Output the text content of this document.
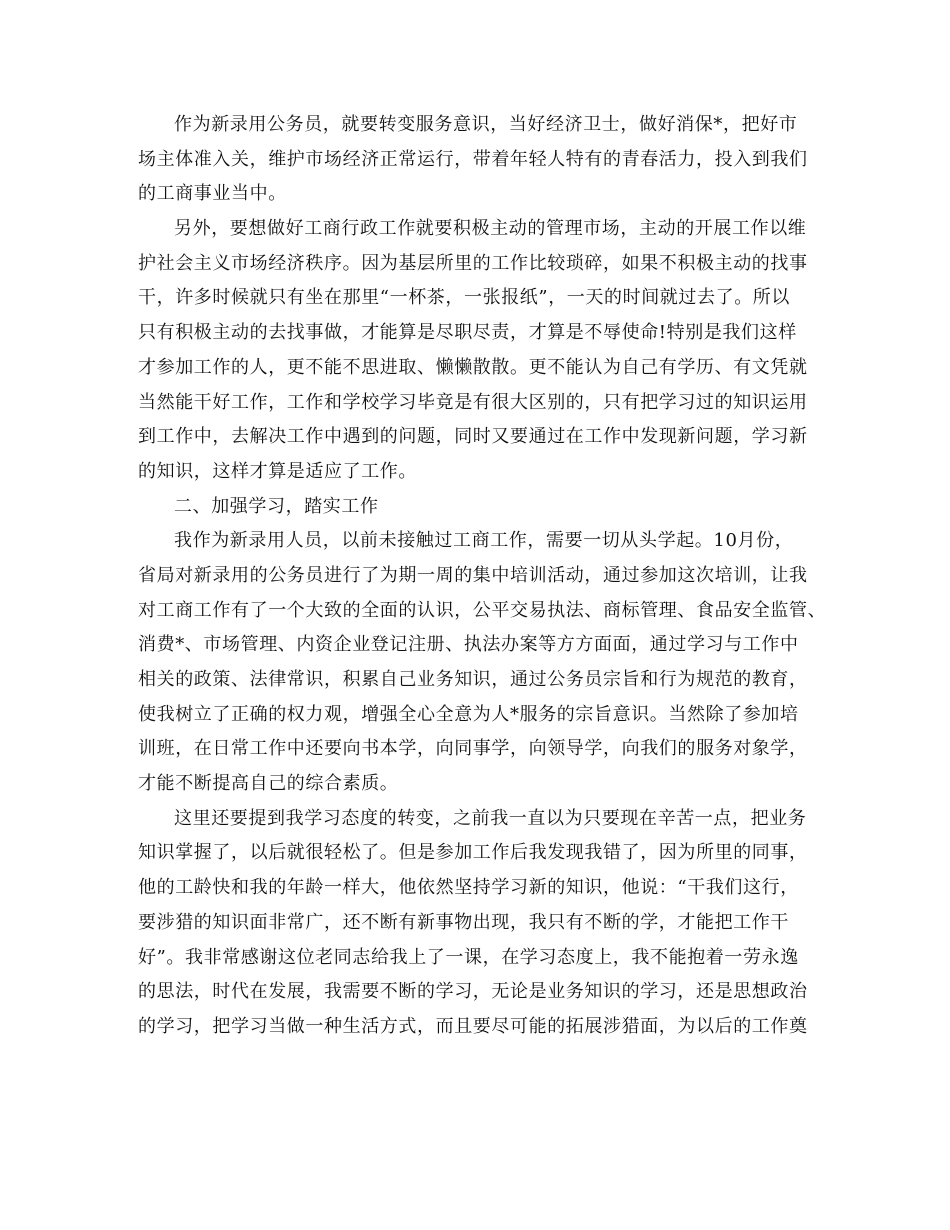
作为新录用公务员，就要转变服务意识，当好经济卫士，做好消保*，把好市
场主体准入关，维护市场经济正常运行，带着年轻人特有的青春活力，投入到我们
的工商事业当中。
另外，要想做好工商行政工作就要积极主动的管理市场，主动的开展工作以维
护社会主义市场经济秩序。因为基层所里的工作比较琐碎，如果不积极主动的找事
干，许多时候就只有坐在那里“一杯茶，一张报纸”，一天的时间就过去了。所以
只有积极主动的去找事做，才能算是尽职尽责，才算是不辱使命!特别是我们这样
才参加工作的人，更不能不思进取、懒懒散散。更不能认为自己有学历、有文凭就
当然能干好工作，工作和学校学习毕竟是有很大区别的，只有把学习过的知识运用
到工作中，去解决工作中遇到的问题，同时又要通过在工作中发现新问题，学习新
的知识，这样才算是适应了工作。
二、加强学习，踏实工作
我作为新录用人员，以前未接触过工商工作，需要一切从头学起。10月份，
省局对新录用的公务员进行了为期一周的集中培训活动，通过参加这次培训，让我
对工商工作有了一个大致的全面的认识，公平交易执法、商标管理、食品安全监管、
消费*、市场管理、内资企业登记注册、执法办案等方方面面，通过学习与工作中
相关的政策、法律常识，积累自己业务知识，通过公务员宗旨和行为规范的教育，
使我树立了正确的权力观，增强全心全意为人*服务的宗旨意识。当然除了参加培
训班，在日常工作中还要向书本学，向同事学，向领导学，向我们的服务对象学，
才能不断提高自己的综合素质。
这里还要提到我学习态度的转变，之前我一直以为只要现在辛苦一点，把业务
知识掌握了，以后就很轻松了。但是参加工作后我发现我错了，因为所里的同事，
他的工龄快和我的年龄一样大，他依然坚持学习新的知识，他说：“干我们这行，
要涉猎的知识面非常广，还不断有新事物出现，我只有不断的学，才能把工作干
好”。我非常感谢这位老同志给我上了一课，在学习态度上，我不能抱着一劳永逸
的思法，时代在发展，我需要不断的学习，无论是业务知识的学习，还是思想政治
的学习，把学习当做一种生活方式，而且要尽可能的拓展涉猎面，为以后的工作奠
